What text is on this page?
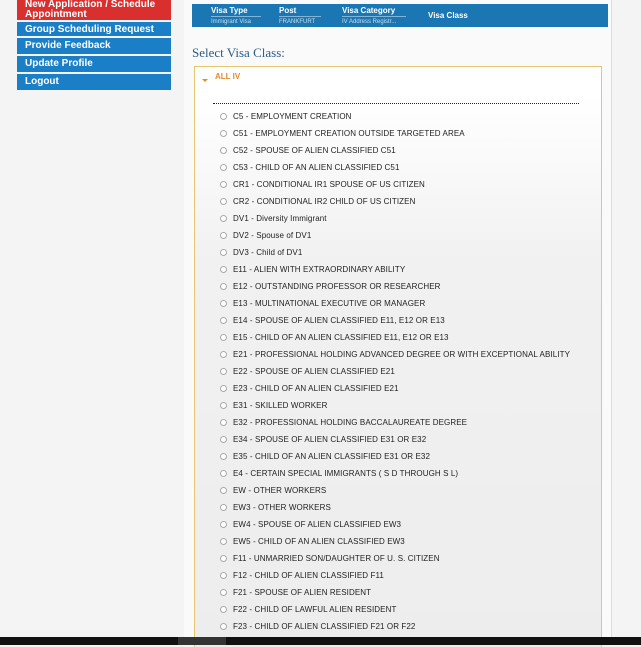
New Application / Schedule Appointment
Group Scheduling Request
Provide Feedback
Update Profile
Logout
Visa Type
Immigrant Visa
Post
FRANKFURT
Visa Category
IV Address Registr...
Visa Class
Select Visa Class:
ALL IV
C5 - EMPLOYMENT CREATION
C51 - EMPLOYMENT CREATION OUTSIDE TARGETED AREA
C52 - SPOUSE OF ALIEN CLASSIFIED C51
C53 - CHILD OF AN ALIEN CLASSIFIED C51
CR1 - CONDITIONAL IR1 SPOUSE OF US CITIZEN
CR2 - CONDITIONAL IR2 CHILD OF US CITIZEN
DV1 - Diversity Immigrant
DV2 - Spouse of DV1
DV3 - Child of DV1
E11 - ALIEN WITH EXTRAORDINARY ABILITY
E12 - OUTSTANDING PROFESSOR OR RESEARCHER
E13 - MULTINATIONAL EXECUTIVE OR MANAGER
E14 - SPOUSE OF ALIEN CLASSIFIED E11, E12 OR E13
E15 - CHILD OF AN ALIEN CLASSIFIED E11, E12 OR E13
E21 - PROFESSIONAL HOLDING ADVANCED DEGREE OR WITH EXCEPTIONAL ABILITY
E22 - SPOUSE OF ALIEN CLASSIFIED E21
E23 - CHILD OF AN ALIEN CLASSIFIED E21
E31 - SKILLED WORKER
E32 - PROFESSIONAL HOLDING BACCALAUREATE DEGREE
E34 - SPOUSE OF ALIEN CLASSIFIED E31 OR E32
E35 - CHILD OF AN ALIEN CLASSIFIED E31 OR E32
E4 - CERTAIN SPECIAL IMMIGRANTS ( S D THROUGH S L)
EW - OTHER WORKERS
EW3 - OTHER WORKERS
EW4 - SPOUSE OF ALIEN CLASSIFIED EW3
EW5 - CHILD OF AN ALIEN CLASSIFIED EW3
F11 - UNMARRIED SON/DAUGHTER OF U. S. CITIZEN
F12 - CHILD OF ALIEN CLASSIFIED F11
F21 - SPOUSE OF ALIEN RESIDENT
F22 - CHILD OF LAWFUL ALIEN RESIDENT
F23 - CHILD OF ALIEN CLASSIFIED F21 OR F22
